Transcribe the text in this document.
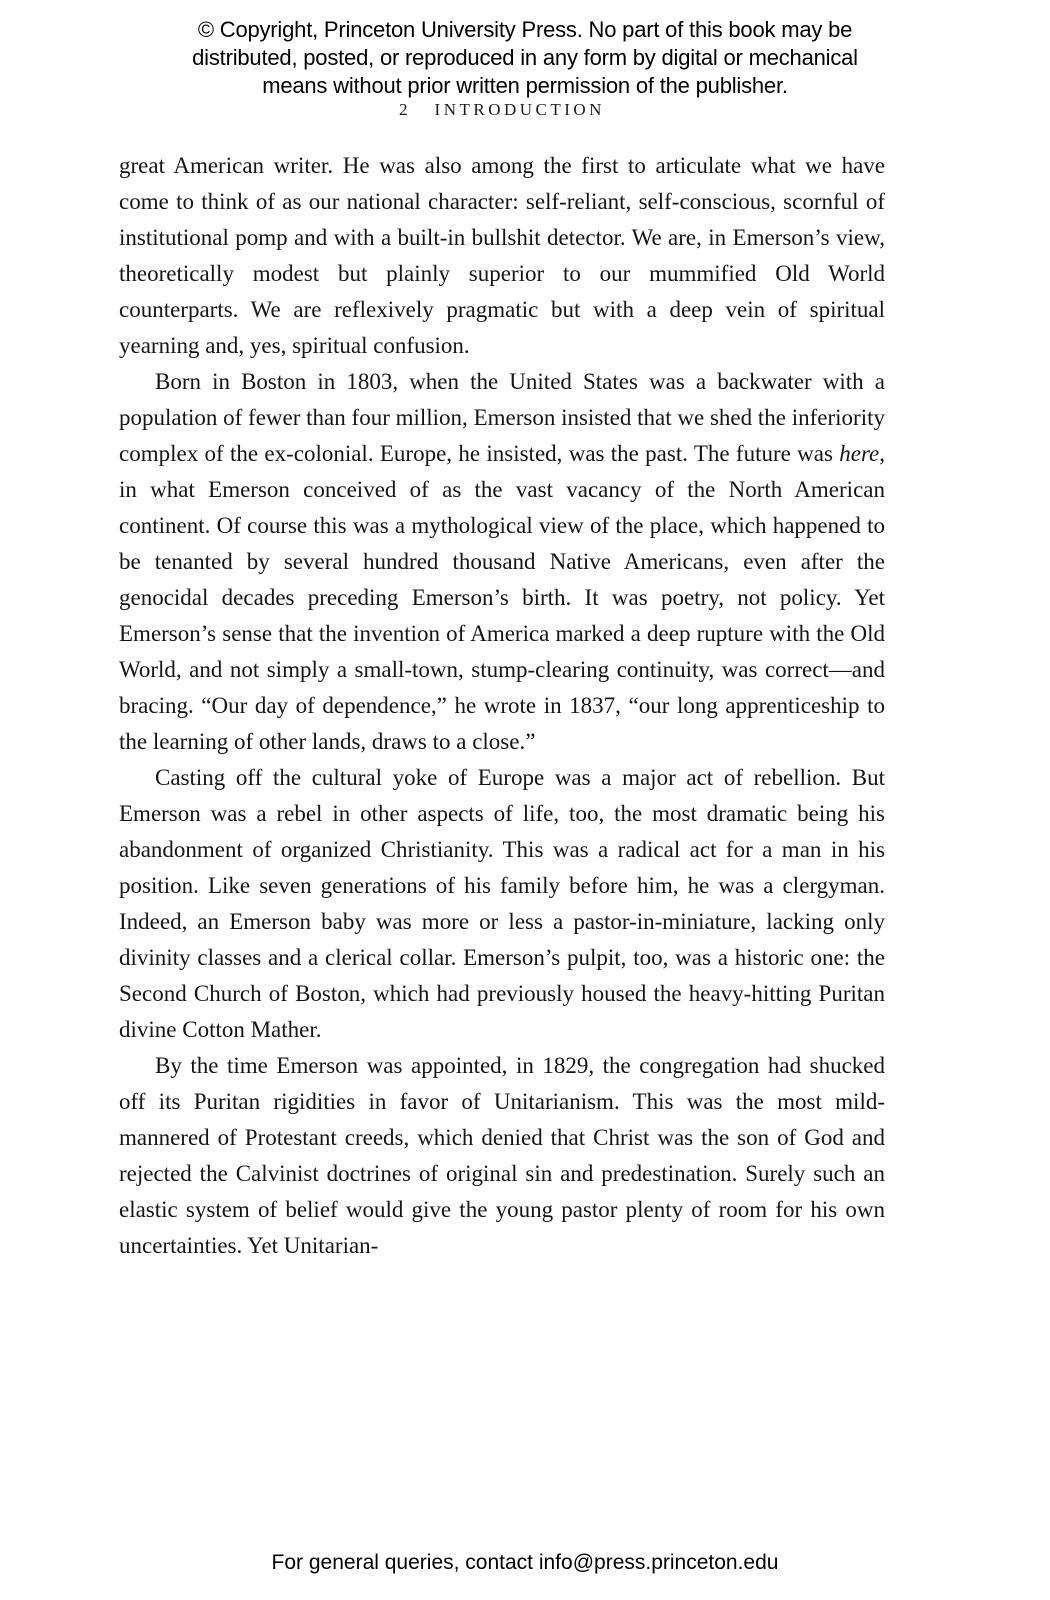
© Copyright, Princeton University Press. No part of this book may be
distributed, posted, or reproduced in any form by digital or mechanical
means without prior written permission of the publisher.
2 INTRODUCTION

great American writer. He was also among the first to articulate what we have come to think of as our national character: self-reliant, self-conscious, scornful of institutional pomp and with a built-in bullshit detector. We are, in Emerson’s view, theoretically modest but plainly superior to our mummified Old World counterparts. We are reflexively pragmatic but with a deep vein of spiritual yearning and, yes, spiritual confusion.

Born in Boston in 1803, when the United States was a backwater with a population of fewer than four million, Emerson insisted that we shed the inferiority complex of the ex-colonial. Europe, he insisted, was the past. The future was here, in what Emerson conceived of as the vast vacancy of the North American continent. Of course this was a mythological view of the place, which happened to be tenanted by several hundred thousand Native Americans, even after the genocidal decades preceding Emerson’s birth. It was poetry, not policy. Yet Emerson’s sense that the invention of America marked a deep rupture with the Old World, and not simply a small-town, stump-clearing continuity, was correct—and bracing. “Our day of dependence,” he wrote in 1837, “our long apprenticeship to the learning of other lands, draws to a close.”

Casting off the cultural yoke of Europe was a major act of rebellion. But Emerson was a rebel in other aspects of life, too, the most dramatic being his abandonment of organized Christianity. This was a radical act for a man in his position. Like seven generations of his family before him, he was a clergyman. Indeed, an Emerson baby was more or less a pastor-in-miniature, lacking only divinity classes and a clerical collar. Emerson’s pulpit, too, was a historic one: the Second Church of Boston, which had previously housed the heavy-hitting Puritan divine Cotton Mather.

By the time Emerson was appointed, in 1829, the congregation had shucked off its Puritan rigidities in favor of Unitarianism. This was the most mild-mannered of Protestant creeds, which denied that Christ was the son of God and rejected the Calvinist doctrines of original sin and predestination. Surely such an elastic system of belief would give the young pastor plenty of room for his own uncertainties. Yet Unitarian-

For general queries, contact info@press.princeton.edu
